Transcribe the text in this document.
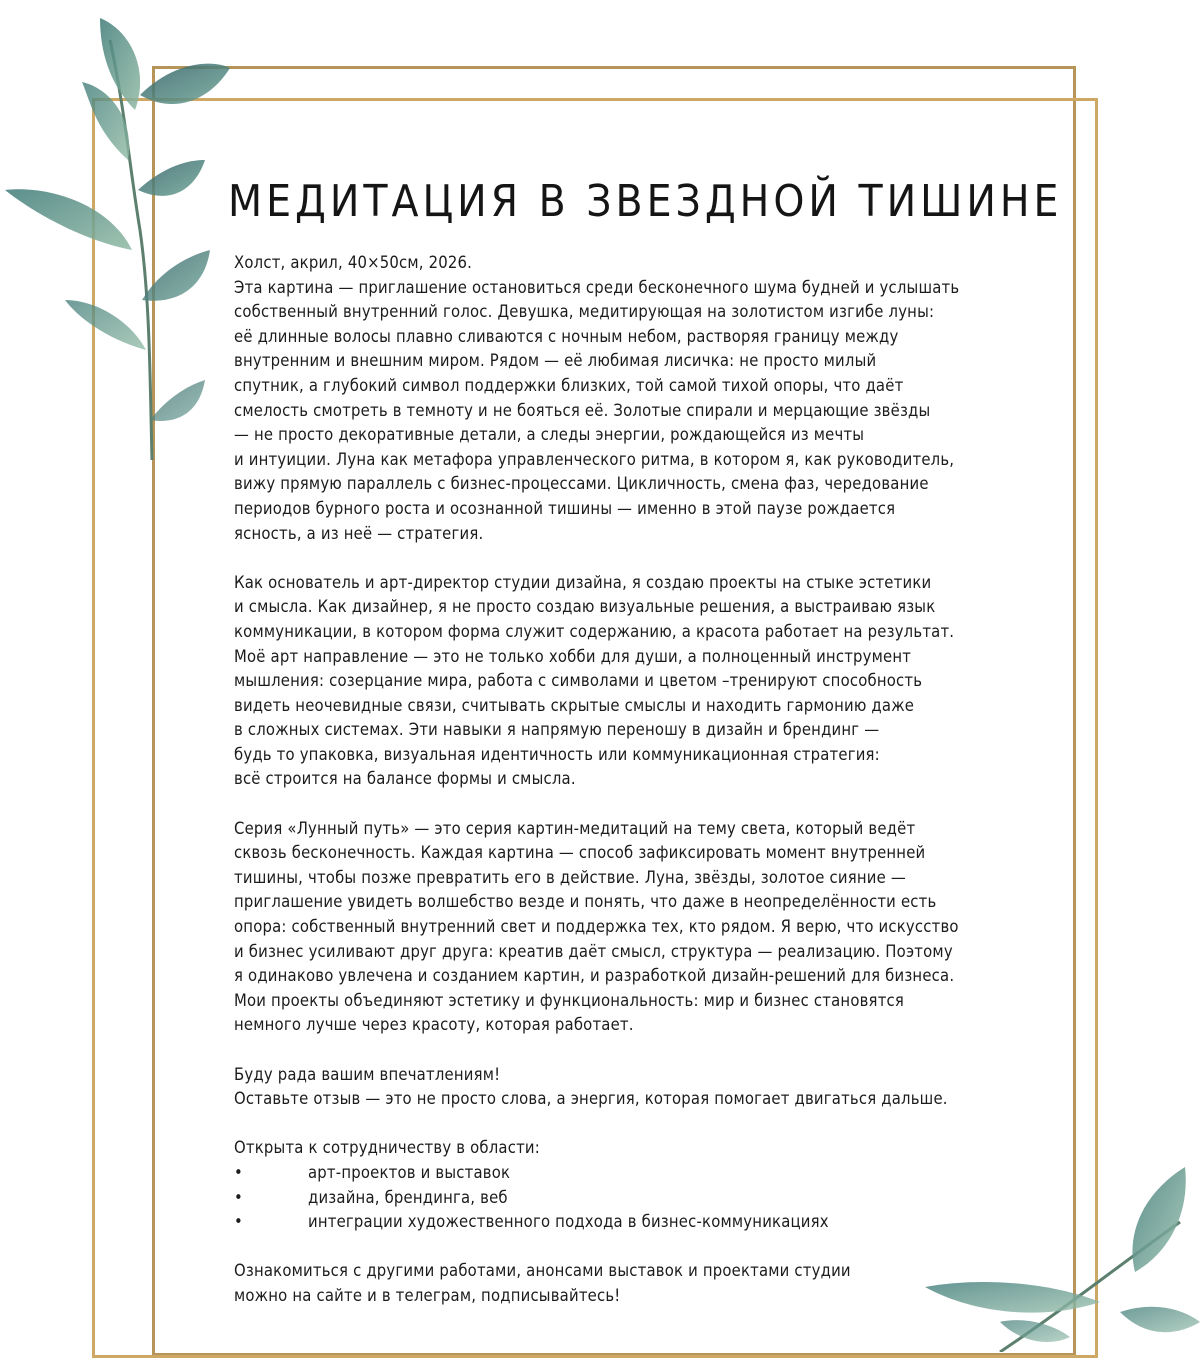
МЕДИТАЦИЯ В ЗВЕЗДНОЙ ТИШИНЕ
Холст, акрил, 40×50см, 2026.
Эта картина — приглашение остановиться среди бесконечного шума будней и услышать
собственный внутренний голос. Девушка, медитирующая на золотистом изгибе луны:
её длинные волосы плавно сливаются с ночным небом, растворяя границу между
внутренним и внешним миром. Рядом — её любимая лисичка: не просто милый
спутник, а глубокий символ поддержки близких, той самой тихой опоры, что даёт
смелость смотреть в темноту и не бояться её. Золотые спирали и мерцающие звёзды
— не просто декоративные детали, а следы энергии, рождающейся из мечты
и интуиции. Луна как метафора управленческого ритма, в котором я, как руководитель,
вижу прямую параллель с бизнес-процессами. Цикличность, смена фаз, чередование
периодов бурного роста и осознанной тишины — именно в этой паузе рождается
ясность, а из неё — стратегия.
Как основатель и арт-директор студии дизайна, я создаю проекты на стыке эстетики
и смысла. Как дизайнер, я не просто создаю визуальные решения, а выстраиваю язык
коммуникации, в котором форма служит содержанию, а красота работает на результат.
Моё арт направление — это не только хобби для души, а полноценный инструмент
мышления: созерцание мира, работа с символами и цветом –тренируют способность
видеть неочевидные связи, считывать скрытые смыслы и находить гармонию даже
в сложных системах. Эти навыки я напрямую переношу в дизайн и брендинг —
будь то упаковка, визуальная идентичность или коммуникационная стратегия:
всё строится на балансе формы и смысла.
Серия «Лунный путь» — это серия картин-медитаций на тему света, который ведёт
сквозь бесконечность. Каждая картина — способ зафиксировать момент внутренней
тишины, чтобы позже превратить его в действие. Луна, звёзды, золотое сияние —
приглашение увидеть волшебство везде и понять, что даже в неопределённости есть
опора: собственный внутренний свет и поддержка тех, кто рядом. Я верю, что искусство
и бизнес усиливают друг друга: креатив даёт смысл, структура — реализацию. Поэтому
я одинаково увлечена и созданием картин, и разработкой дизайн-решений для бизнеса.
Мои проекты объединяют эстетику и функциональность: мир и бизнес становятся
немного лучше через красоту, которая работает.
Буду рада вашим впечатлениям!
Оставьте отзыв — это не просто слова, а энергия, которая помогает двигаться дальше.
Открыта к сотрудничеству в области:
•	арт-проектов и выставок
•	дизайна, брендинга, веб
•	интеграции художественного подхода в бизнес-коммуникациях
Ознакомиться с другими работами, анонсами выставок и проектами студии
можно на сайте и в телеграм, подписывайтесь!
